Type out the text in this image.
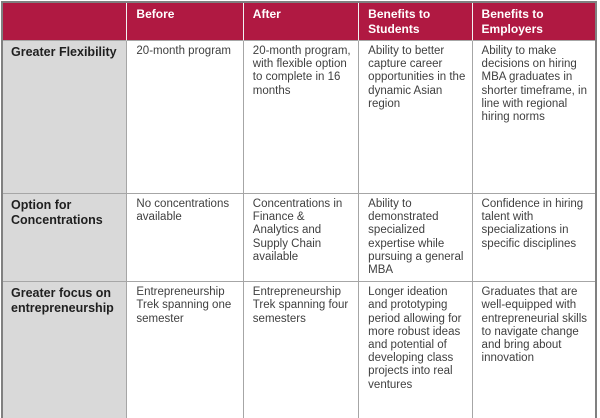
	Before	After	Benefits to Students	Benefits to Employers
Greater Flexibility	20-month program	20-month program, with flexible option to complete in 16 months	Ability to better capture career opportunities in the dynamic Asian region	Ability to make decisions on hiring MBA graduates in shorter timeframe, in line with regional hiring norms
Option for Concentrations	No concentrations available	Concentrations in Finance & Analytics and Supply Chain available	Ability to demonstrated specialized expertise while pursuing a general MBA	Confidence in hiring talent with specializations in specific disciplines
Greater focus on entrepreneurship	Entrepreneurship Trek spanning one semester	Entrepreneurship Trek spanning four semesters	Longer ideation and prototyping period allowing for more robust ideas and potential of developing class projects into real ventures	Graduates that are well-equipped with entrepreneurial skills to navigate change and bring about innovation
